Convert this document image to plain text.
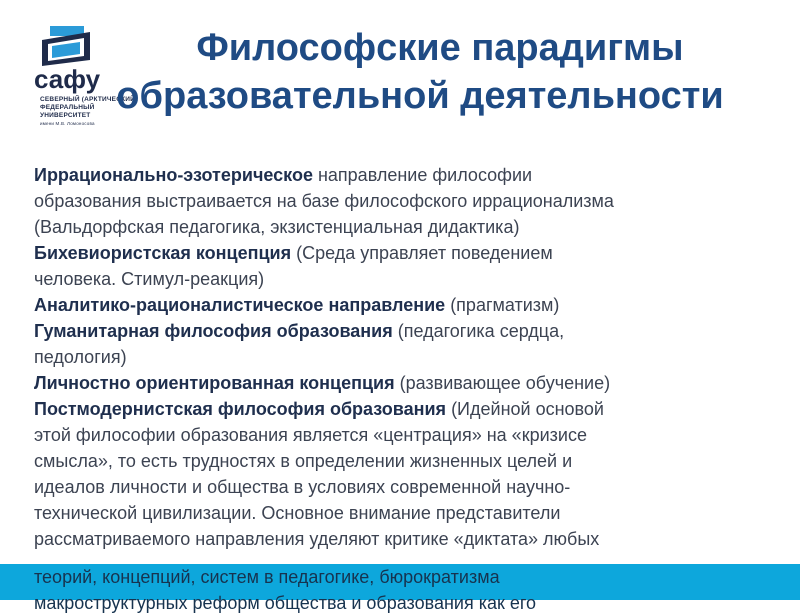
сафу
СЕВЕРНЫЙ (АРКТИЧЕСКИЙ)
ФЕДЕРАЛЬНЫЙ
УНИВЕРСИТЕТ
имени М.В. Ломоносова
Философские парадигмы
образовательной деятельности
Иррационально-эзотерическое направление философии
образования выстраивается на базе философского иррационализма
(Вальдорфская педагогика, экзистенциальная дидактика)
Бихевиористская концепция (Среда управляет поведением
человека. Стимул-реакция)
Аналитико-рационалистическое направление (прагматизм)
Гуманитарная философия образования (педагогика сердца,
педология)
Личностно ориентированная концепция (развивающее обучение)
Постмодернистская философия образования (Идейной основой
этой философии образования является «центрация» на «кризисе
смысла», то есть трудностях в определении жизненных целей и
идеалов личности и общества в условиях современной научно-
технической цивилизации. Основное внимание представители
рассматриваемого направления уделяют критике «диктата» любых
теорий, концепций, систем в педагогике, бюрократизма
макроструктурных реформ общества и образования как его
